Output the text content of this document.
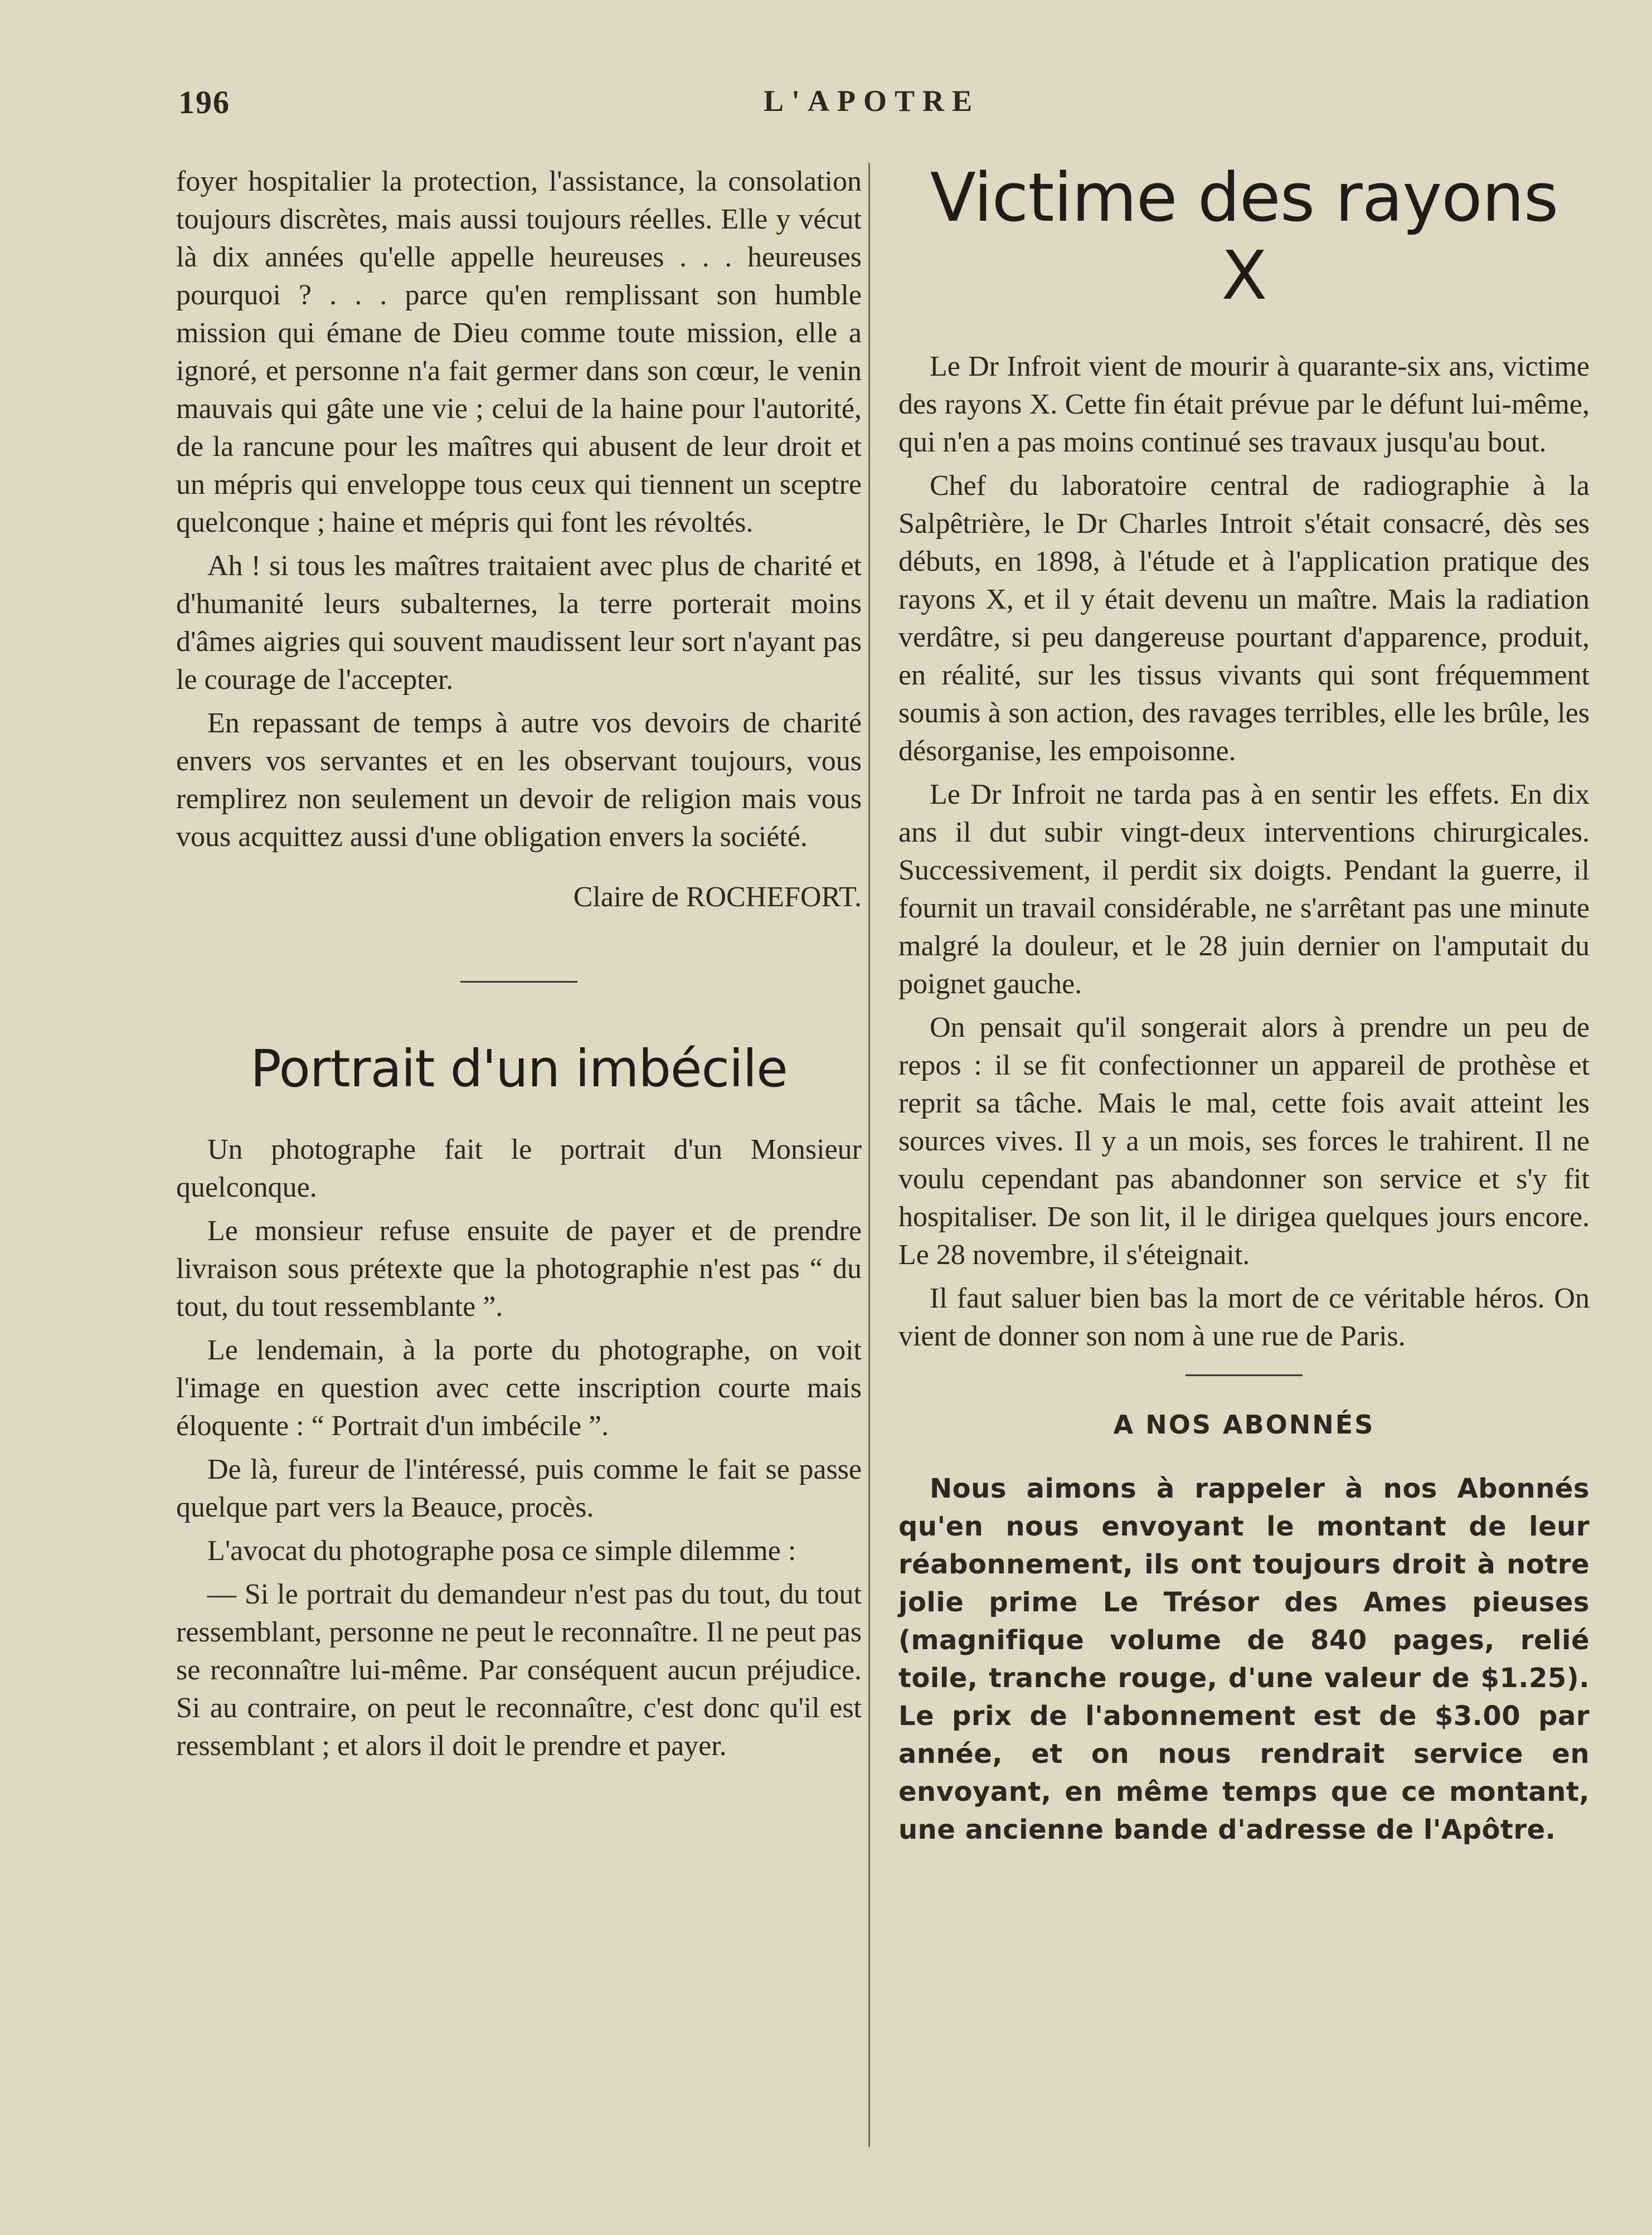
196	L'APOTRE

foyer hospitalier la protection, l'assistance, la consolation toujours discrètes, mais aussi toujours réelles. Elle y vécut là dix années qu'elle appelle heureuses . . . heureuses pourquoi ? . . . parce qu'en remplissant son humble mission qui émane de Dieu comme toute mission, elle a ignoré, et personne n'a fait germer dans son cœur, le venin mauvais qui gâte une vie ; celui de la haine pour l'autorité, de la rancune pour les maîtres qui abusent de leur droit et un mépris qui enveloppe tous ceux qui tiennent un sceptre quelconque ; haine et mépris qui font les révoltés.

Ah ! si tous les maîtres traitaient avec plus de charité et d'humanité leurs subalternes, la terre porterait moins d'âmes aigries qui souvent maudissent leur sort n'ayant pas le courage de l'accepter.

En repassant de temps à autre vos devoirs de charité envers vos servantes et en les observant toujours, vous remplirez non seulement un devoir de religion mais vous vous acquittez aussi d'une obligation envers la société.

Claire de ROCHEFORT.

Portrait d'un imbécile

Un photographe fait le portrait d'un Monsieur quelconque.

Le monsieur refuse ensuite de payer et de prendre livraison sous prétexte que la photographie n'est pas “ du tout, du tout ressemblante ”.

Le lendemain, à la porte du photographe, on voit l'image en question avec cette inscription courte mais éloquente : “ Portrait d'un imbécile ”.

De là, fureur de l'intéressé, puis comme le fait se passe quelque part vers la Beauce, procès.

L'avocat du photographe posa ce simple dilemme :

— Si le portrait du demandeur n'est pas du tout, du tout ressemblant, personne ne peut le reconnaître. Il ne peut pas se reconnaître lui-même. Par conséquent aucun préjudice. Si au contraire, on peut le reconnaître, c'est donc qu'il est ressemblant ; et alors il doit le prendre et payer.

Victime des rayons X

Le Dr Infroit vient de mourir à quarante-six ans, victime des rayons X. Cette fin était prévue par le défunt lui-même, qui n'en a pas moins continué ses travaux jusqu'au bout.

Chef du laboratoire central de radiographie à la Salpêtrière, le Dr Charles Introit s'était consacré, dès ses débuts, en 1898, à l'étude et à l'application pratique des rayons X, et il y était devenu un maître. Mais la radiation verdâtre, si peu dangereuse pourtant d'apparence, produit, en réalité, sur les tissus vivants qui sont fréquemment soumis à son action, des ravages terribles, elle les brûle, les désorganise, les empoisonne.

Le Dr Infroit ne tarda pas à en sentir les effets. En dix ans il dut subir vingt-deux interventions chirurgicales. Successivement, il perdit six doigts. Pendant la guerre, il fournit un travail considérable, ne s'arrêtant pas une minute malgré la douleur, et le 28 juin dernier on l'amputait du poignet gauche.

On pensait qu'il songerait alors à prendre un peu de repos : il se fit confectionner un appareil de prothèse et reprit sa tâche. Mais le mal, cette fois avait atteint les sources vives. Il y a un mois, ses forces le trahirent. Il ne voulu cependant pas abandonner son service et s'y fit hospitaliser. De son lit, il le dirigea quelques jours encore. Le 28 novembre, il s'éteignait.

Il faut saluer bien bas la mort de ce véritable héros. On vient de donner son nom à une rue de Paris.

A NOS ABONNÉS

Nous aimons à rappeler à nos Abonnés qu'en nous envoyant le montant de leur réabonnement, ils ont toujours droit à notre jolie prime Le Trésor des Ames pieuses (magnifique volume de 840 pages, relié toile, tranche rouge, d'une valeur de $1.25). Le prix de l'abonnement est de $3.00 par année, et on nous rendrait service en envoyant, en même temps que ce montant, une ancienne bande d'adresse de l'Apôtre.
